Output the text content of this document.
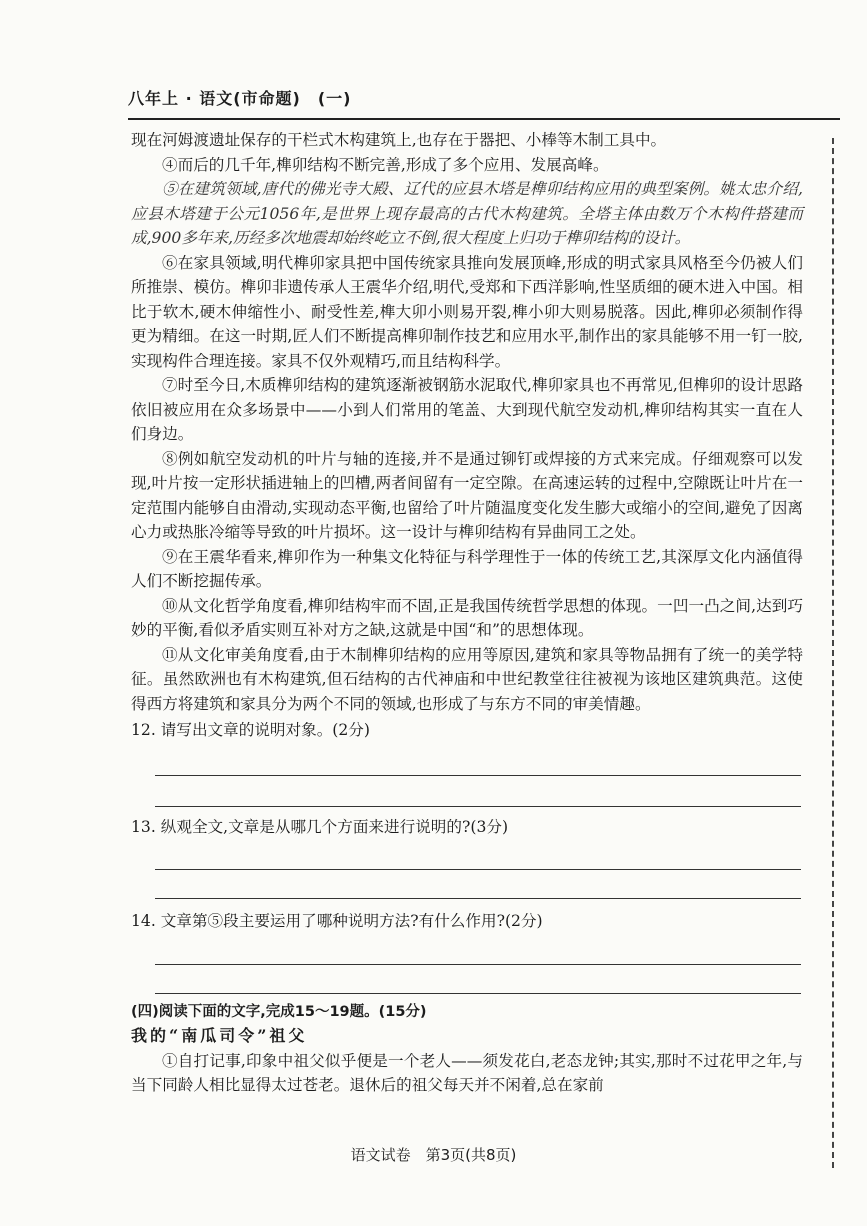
八年上 · 语文(市命题)　(一)

现在河姆渡遗址保存的干栏式木构建筑上,也存在于器把、小棒等木制工具中。

④而后的几千年,榫卯结构不断完善,形成了多个应用、发展高峰。

⑤在建筑领域,唐代的佛光寺大殿、辽代的应县木塔是榫卯结构应用的典型案例。姚太忠介绍,应县木塔建于公元1056年,是世界上现存最高的古代木构建筑。全塔主体由数万个木构件搭建而成,900多年来,历经多次地震却始终屹立不倒,很大程度上归功于榫卯结构的设计。

⑥在家具领域,明代榫卯家具把中国传统家具推向发展顶峰,形成的明式家具风格至今仍被人们所推崇、模仿。榫卯非遗传承人王震华介绍,明代,受郑和下西洋影响,性坚质细的硬木进入中国。相比于软木,硬木伸缩性小、耐受性差,榫大卯小则易开裂,榫小卯大则易脱落。因此,榫卯必须制作得更为精细。在这一时期,匠人们不断提高榫卯制作技艺和应用水平,制作出的家具能够不用一钉一胶,实现构件合理连接。家具不仅外观精巧,而且结构科学。

⑦时至今日,木质榫卯结构的建筑逐渐被钢筋水泥取代,榫卯家具也不再常见,但榫卯的设计思路依旧被应用在众多场景中——小到人们常用的笔盖、大到现代航空发动机,榫卯结构其实一直在人们身边。

⑧例如航空发动机的叶片与轴的连接,并不是通过铆钉或焊接的方式来完成。仔细观察可以发现,叶片按一定形状插进轴上的凹槽,两者间留有一定空隙。在高速运转的过程中,空隙既让叶片在一定范围内能够自由滑动,实现动态平衡,也留给了叶片随温度变化发生膨大或缩小的空间,避免了因离心力或热胀冷缩等导致的叶片损坏。这一设计与榫卯结构有异曲同工之处。

⑨在王震华看来,榫卯作为一种集文化特征与科学理性于一体的传统工艺,其深厚文化内涵值得人们不断挖掘传承。

⑩从文化哲学角度看,榫卯结构牢而不固,正是我国传统哲学思想的体现。一凹一凸之间,达到巧妙的平衡,看似矛盾实则互补对方之缺,这就是中国“和”的思想体现。

⑪从文化审美角度看,由于木制榫卯结构的应用等原因,建筑和家具等物品拥有了统一的美学特征。虽然欧洲也有木构建筑,但石结构的古代神庙和中世纪教堂往往被视为该地区建筑典范。这使得西方将建筑和家具分为两个不同的领域,也形成了与东方不同的审美情趣。

12. 请写出文章的说明对象。(2分)

13. 纵观全文,文章是从哪几个方面来进行说明的?(3分)

14. 文章第⑤段主要运用了哪种说明方法?有什么作用?(2分)

(四)阅读下面的文字,完成15～19题。(15分)

我的“南瓜司令”祖父

①自打记事,印象中祖父似乎便是一个老人——须发花白,老态龙钟;其实,那时不过花甲之年,与当下同龄人相比显得太过苍老。退休后的祖父每天并不闲着,总在家前

语文试卷　第3页(共8页)
